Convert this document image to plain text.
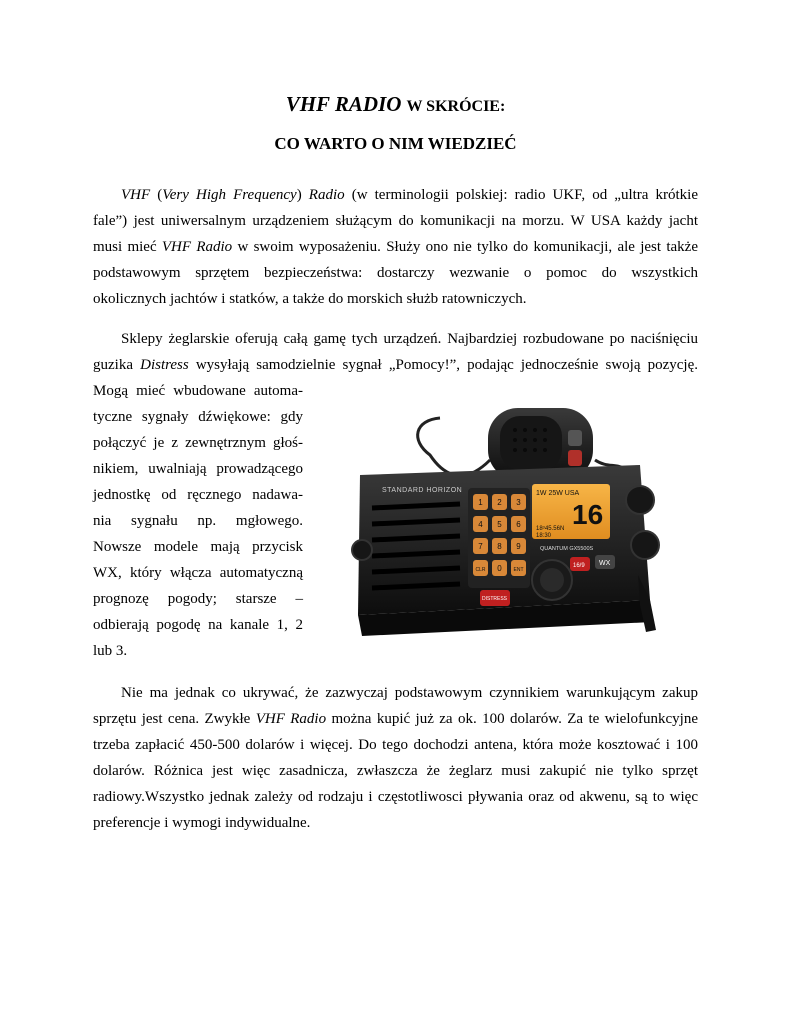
VHF RADIO W SKRÓCIE:
CO WARTO O NIM WIEDZIEĆ
VHF (Very High Frequency) Radio (w terminologii polskiej: radio UKF, od „ultra krótkie
fale”) jest uniwersalnym urządzeniem służącym do komunikacji na morzu. W USA każdy jacht
musi mieć VHF Radio w swoim wyposażeniu. Służy ono nie tylko do komunikacji, ale jest także
podstawowym sprzętem bezpieczeństwa: dostarczy wezwanie o pomoc do wszystkich
okolicznych jachtów i statków, a także do morskich służb ratowniczych.
Sklepy żeglarskie oferują całą gamę tych urządzeń. Najbardziej rozbudowane po naciśnięciu
guzika Distress wysyłają samodzielnie sygnał „Pomocy!”, podając jednocześnie swoją pozycję.
Mogą mieć wbudowane automa-
tyczne sygnały dźwiękowe: gdy
połączyć je z zewnętrznym głoś-
nikiem, uwalniają prowadzącego
jednostkę od ręcznego nadawa-
nia sygnału np. mgłowego.
Nowsze modele mają przycisk
WX, który włącza automatyczną
prognozę pogody; starsze –
odbierają pogodę na kanale 1, 2
lub 3.
STANDARD HORIZON
1 2 3
4 5 6
7 8 9
CLR 0 ENT
1W 25W USA
16
18ᵒ45.56N
18:30
QUANTUM GX5500S
16/9 WX
DISTRESS
Nie ma jednak co ukrywać, że zazwyczaj podstawowym czynnikiem warunkującym zakup
sprzętu jest cena. Zwykłe VHF Radio można kupić już za ok. 100 dolarów. Za te wielofunkcyjne
trzeba zapłacić 450-500 dolarów i więcej. Do tego dochodzi antena, która może kosztować i 100
dolarów. Różnica jest więc zasadnicza, zwłaszcza że żeglarz musi zakupić nie tylko sprzęt
radiowy.Wszystko jednak zależy od rodzaju i częstotliwosci pływania oraz od akwenu, są to więc
preferencje i wymogi indywidualne.
